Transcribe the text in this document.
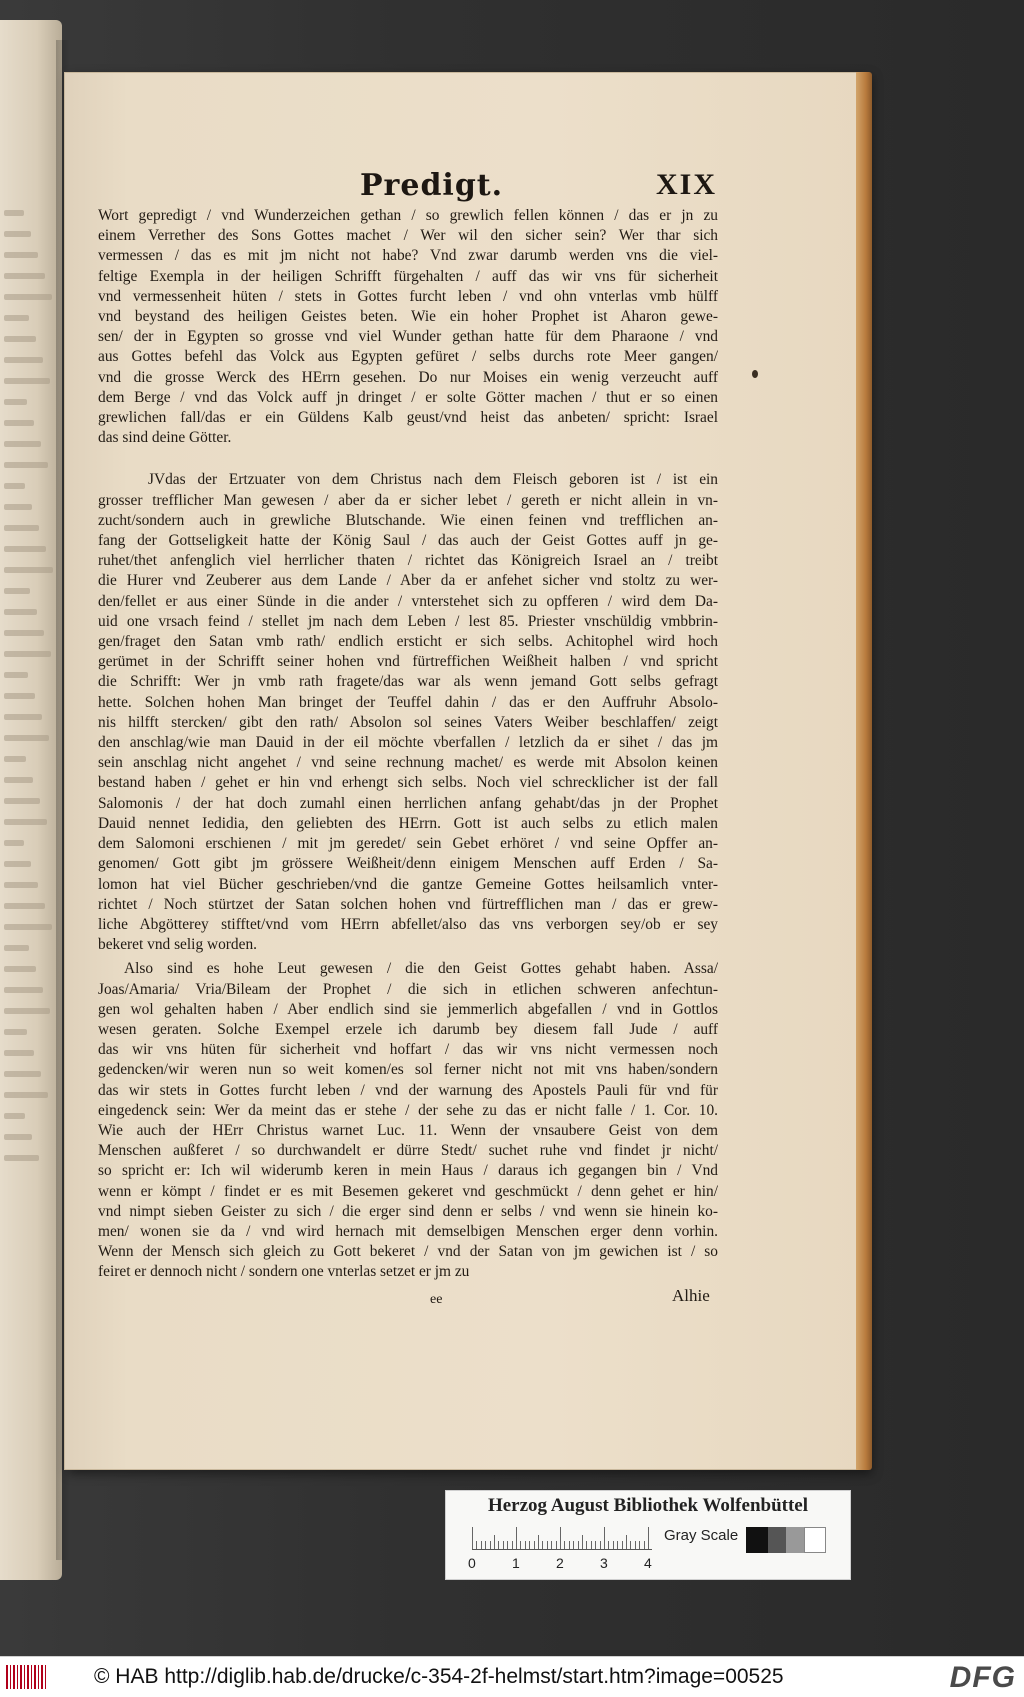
Predigt.	XIX
Wort gepredigt / vnd Wunderzeichen gethan / so grewlich fellen können / das er jn zu
einem Verrether des Sons Gottes machet / Wer wil den sicher sein? Wer thar sich
vermessen / das es mit jm nicht not habe? Vnd zwar darumb werden vns die viel-
feltige Exempla in der heiligen Schrifft fürgehalten / auff das wir vns für sicherheit
vnd vermessenheit hüten / stets in Gottes furcht leben / vnd ohn vnterlas vmb hülff
vnd beystand des heiligen Geistes beten. Wie ein hoher Prophet ist Aharon gewe-
sen/ der in Egypten so grosse vnd viel Wunder gethan hatte für dem Pharaone / vnd
aus Gottes befehl das Volck aus Egypten gefüret / selbs durchs rote Meer gangen/
vnd die grosse Werck des HErrn gesehen. Do nur Moises ein wenig verzeucht auff
dem Berge / vnd das Volck auff jn dringet / er solte Götter machen / thut er so einen
grewlichen fall/das er ein Güldens Kalb geust/vnd heist das anbeten/ spricht: Israel
das sind deine Götter.
JVdas der Ertzuater von dem Christus nach dem Fleisch geboren ist / ist ein
grosser trefflicher Man gewesen / aber da er sicher lebet / gereth er nicht allein in vn-
zucht/sondern auch in grewliche Blutschande. Wie einen feinen vnd trefflichen an-
fang der Gottseligkeit hatte der König Saul / das auch der Geist Gottes auff jn ge-
ruhet/thet anfenglich viel herrlicher thaten / richtet das Königreich Israel an / treibt
die Hurer vnd Zeuberer aus dem Lande / Aber da er anfehet sicher vnd stoltz zu wer-
den/fellet er aus einer Sünde in die ander / vnterstehet sich zu opfferen / wird dem Da-
uid one vrsach feind / stellet jm nach dem Leben / lest 85. Priester vnschüldig vmbbrin-
gen/fraget den Satan vmb rath/ endlich ersticht er sich selbs. Achitophel wird hoch
gerümet in der Schrifft seiner hohen vnd fürtreffichen Weißheit halben / vnd spricht
die Schrifft: Wer jn vmb rath fragete/das war als wenn jemand Gott selbs gefragt
hette. Solchen hohen Man bringet der Teuffel dahin / das er den Auffruhr Absolo-
nis hilfft stercken/ gibt den rath/ Absolon sol seines Vaters Weiber beschlaffen/ zeigt
den anschlag/wie man Dauid in der eil möchte vberfallen / letzlich da er sihet / das jm
sein anschlag nicht angehet / vnd seine rechnung machet/ es werde mit Absolon keinen
bestand haben / gehet er hin vnd erhengt sich selbs. Noch viel schrecklicher ist der fall
Salomonis / der hat doch zumahl einen herrlichen anfang gehabt/das jn der Prophet
Dauid nennet Iedidia, den geliebten des HErrn. Gott ist auch selbs zu etlich malen
dem Salomoni erschienen / mit jm geredet/ sein Gebet erhöret / vnd seine Opffer an-
genomen/ Gott gibt jm grössere Weißheit/denn einigem Menschen auff Erden / Sa-
lomon hat viel Bücher geschrieben/vnd die gantze Gemeine Gottes heilsamlich vnter-
richtet / Noch stürtzet der Satan solchen hohen vnd fürtrefflichen man / das er grew-
liche Abgötterey stifftet/vnd vom HErrn abfellet/also das vns verborgen sey/ob er sey
bekeret vnd selig worden.
Also sind es hohe Leut gewesen / die den Geist Gottes gehabt haben. Assa/
Joas/Amaria/ Vria/Bileam der Prophet / die sich in etlichen schweren anfechtun-
gen wol gehalten haben / Aber endlich sind sie jemmerlich abgefallen / vnd in Gottlos
wesen geraten. Solche Exempel erzele ich darumb bey diesem fall Jude / auff
das wir vns hüten für sicherheit vnd hoffart / das wir vns nicht vermessen noch
gedencken/wir weren nun so weit komen/es sol ferner nicht not mit vns haben/sondern
das wir stets in Gottes furcht leben / vnd der warnung des Apostels Pauli für vnd für
eingedenck sein: Wer da meint das er stehe / der sehe zu das er nicht falle / 1. Cor. 10.
Wie auch der HErr Christus warnet Luc. 11. Wenn der vnsaubere Geist von dem
Menschen außferet / so durchwandelt er dürre Stedt/ suchet ruhe vnd findet jr nicht/
so spricht er: Ich wil widerumb keren in mein Haus / daraus ich gegangen bin / Vnd
wenn er kömpt / findet er es mit Besemen gekeret vnd geschmückt / denn gehet er hin/
vnd nimpt sieben Geister zu sich / die erger sind denn er selbs / vnd wenn sie hinein ko-
men/ wonen sie da / vnd wird hernach mit demselbigen Menschen erger denn vorhin.
Wenn der Mensch sich gleich zu Gott bekeret / vnd der Satan von jm gewichen ist / so
feiret er dennoch nicht / sondern one vnterlas setzet er jm zu
ee	Alhie
Herzog August Bibliothek Wolfenbüttel
0	1	2	3	4
Gray Scale
© HAB http://diglib.hab.de/drucke/c-354-2f-helmst/start.htm?image=00525	DFG
